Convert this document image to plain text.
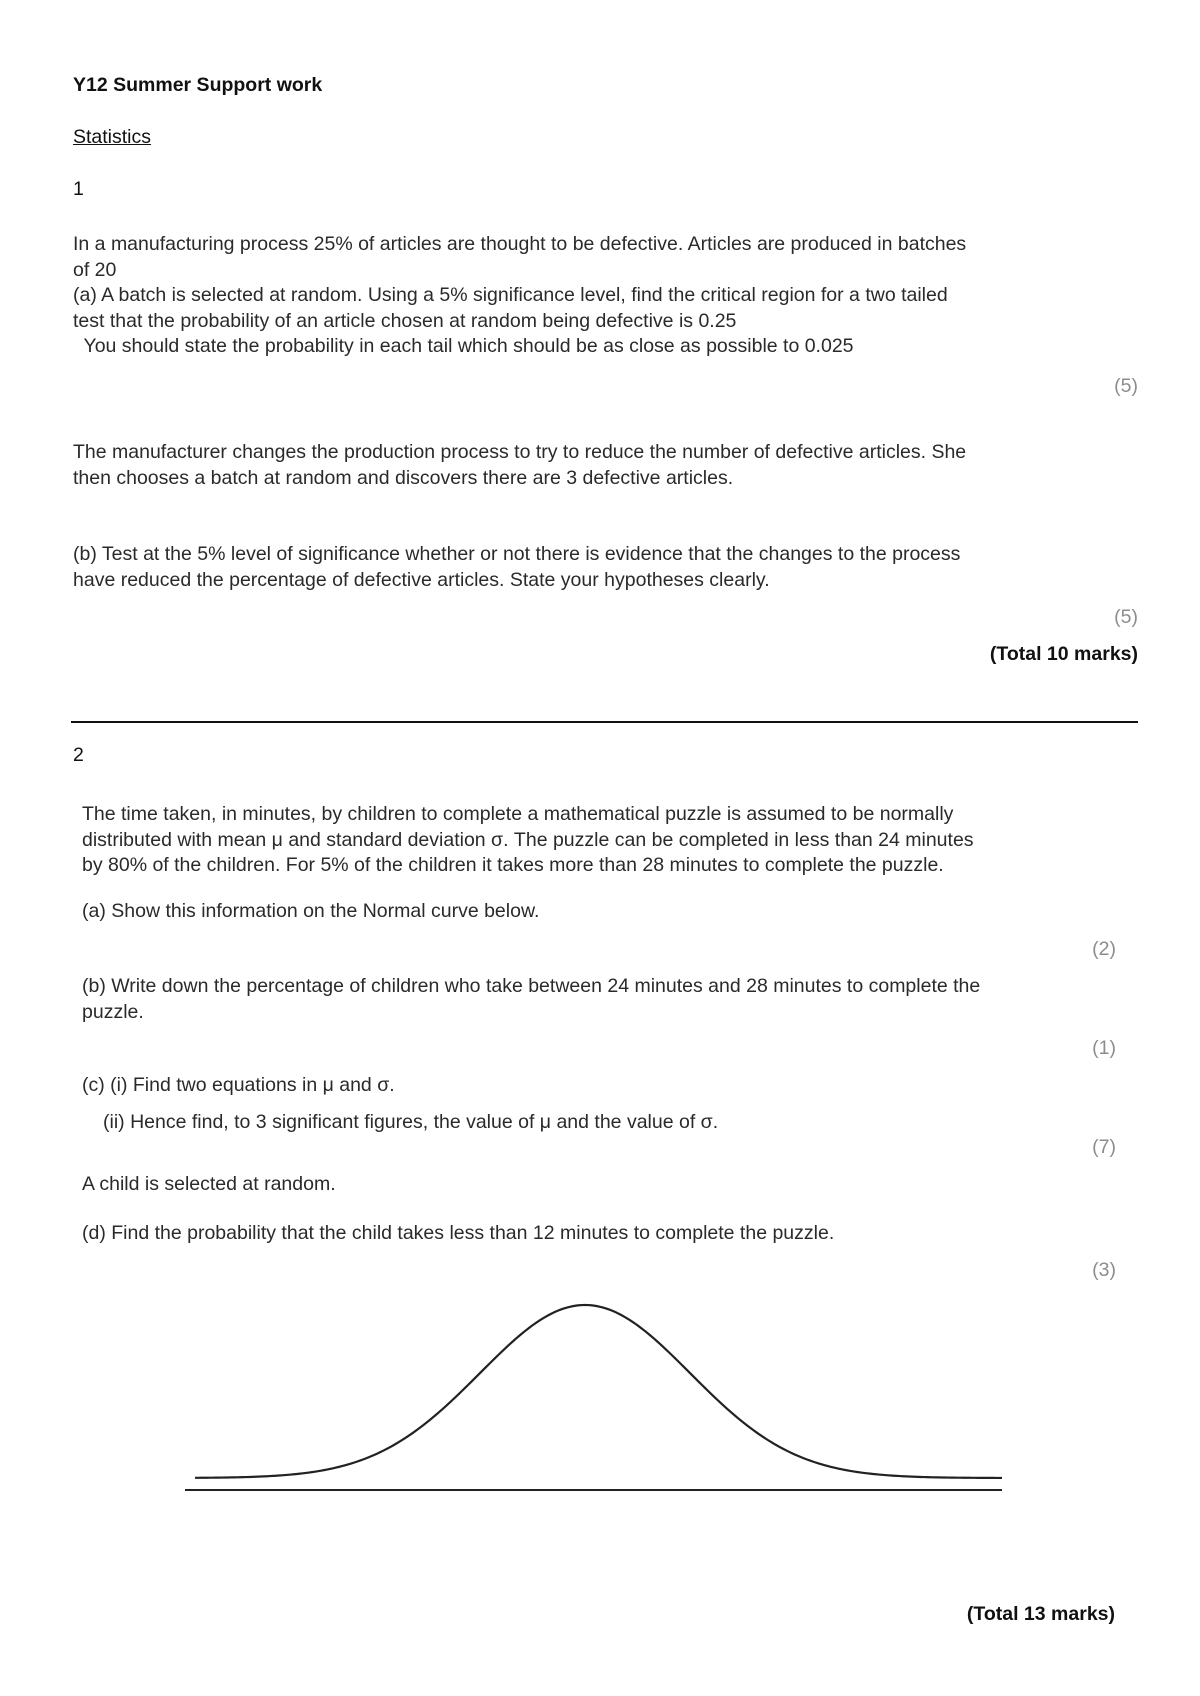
Y12 Summer Support work
Statistics
1
In a manufacturing process 25% of articles are thought to be defective. Articles are produced in batches
of 20
(a) A batch is selected at random. Using a 5% significance level, find the critical region for a two tailed
test that the probability of an article chosen at random being defective is 0.25
You should state the probability in each tail which should be as close as possible to 0.025
(5)
The manufacturer changes the production process to try to reduce the number of defective articles. She
then chooses a batch at random and discovers there are 3 defective articles.
(b) Test at the 5% level of significance whether or not there is evidence that the changes to the process
have reduced the percentage of defective articles. State your hypotheses clearly.
(5)
(Total 10 marks)
2
The time taken, in minutes, by children to complete a mathematical puzzle is assumed to be normally
distributed with mean μ and standard deviation σ. The puzzle can be completed in less than 24 minutes
by 80% of the children. For 5% of the children it takes more than 28 minutes to complete the puzzle.
(a) Show this information on the Normal curve below.
(2)
(b) Write down the percentage of children who take between 24 minutes and 28 minutes to complete the
puzzle.
(1)
(c) (i) Find two equations in μ and σ.
(ii) Hence find, to 3 significant figures, the value of μ and the value of σ.
(7)
A child is selected at random.
(d) Find the probability that the child takes less than 12 minutes to complete the puzzle.
(3)
(Total 13 marks)
